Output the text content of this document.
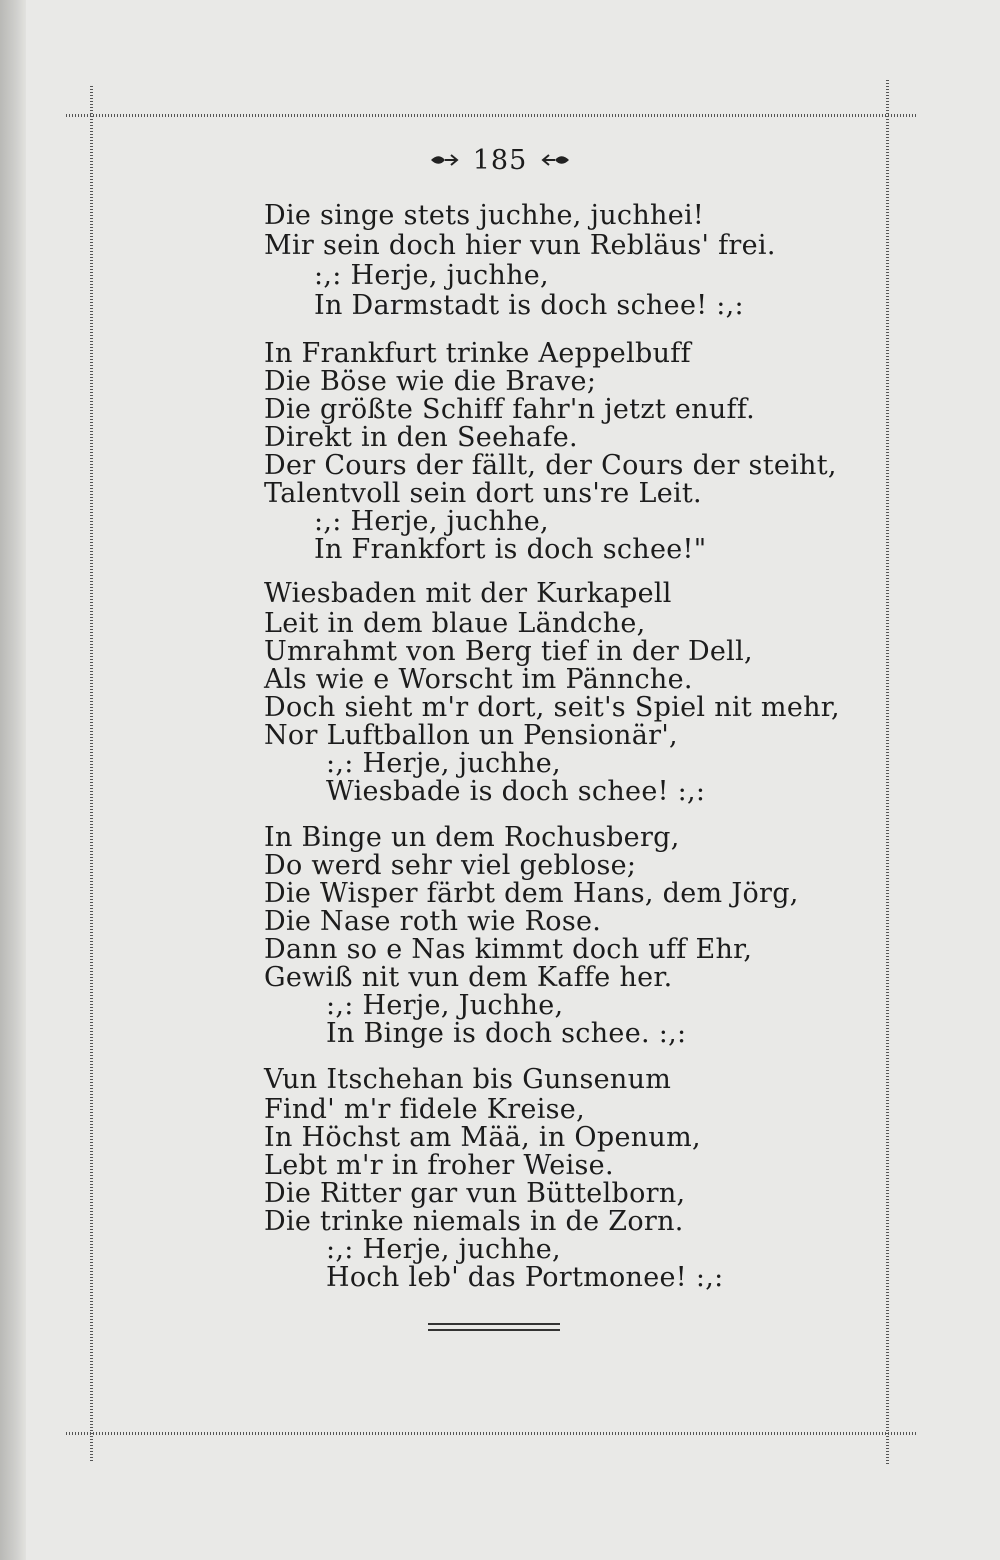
185
Die singe stets juchhe, juchhei!
Mir sein doch hier vun Rebläus' frei.
:,: Herje, juchhe,
In Darmstadt is doch schee! :,:
In Frankfurt trinke Aeppelbuff
Die Böse wie die Brave;
Die größte Schiff fahr'n jetzt enuff.
Direkt in den Seehafe.
Der Cours der fällt, der Cours der steiht,
Talentvoll sein dort uns're Leit.
:,: Herje, juchhe,
In Frankfort is doch schee!"
Wiesbaden mit der Kurkapell
Leit in dem blaue Ländche,
Umrahmt von Berg tief in der Dell,
Als wie e Worscht im Pännche.
Doch sieht m'r dort, seit's Spiel nit mehr,
Nor Luftballon un Pensionär',
:,: Herje, juchhe,
Wiesbade is doch schee! :,:
In Binge un dem Rochusberg,
Do werd sehr viel geblose;
Die Wisper färbt dem Hans, dem Jörg,
Die Nase roth wie Rose.
Dann so e Nas kimmt doch uff Ehr,
Gewiß nit vun dem Kaffe her.
:,: Herje, Juchhe,
In Binge is doch schee. :,:
Vun Itschehan bis Gunsenum
Find' m'r fidele Kreise,
In Höchst am Mää, in Openum,
Lebt m'r in froher Weise.
Die Ritter gar vun Büttelborn,
Die trinke niemals in de Zorn.
:,: Herje, juchhe,
Hoch leb' das Portmonee! :,:
